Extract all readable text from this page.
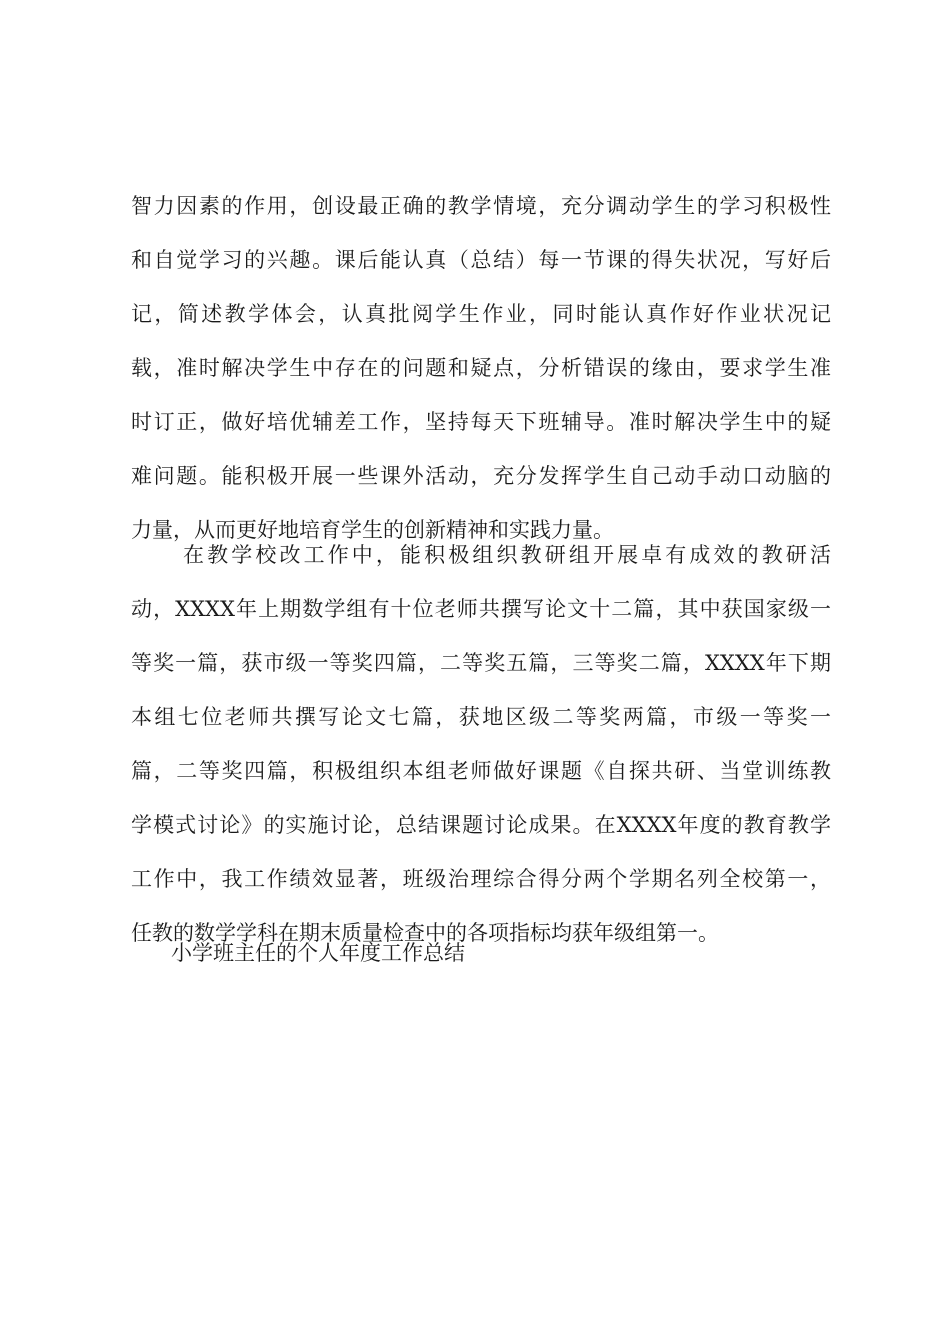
智力因素的作用，创设最正确的教学情境，充分调动学生的学习积极性
和自觉学习的兴趣。课后能认真（总结）每一节课的得失状况，写好后
记，简述教学体会，认真批阅学生作业，同时能认真作好作业状况记
载，准时解决学生中存在的问题和疑点，分析错误的缘由，要求学生准
时订正，做好培优辅差工作，坚持每天下班辅导。准时解决学生中的疑
难问题。能积极开展一些课外活动，充分发挥学生自己动手动口动脑的
力量，从而更好地培育学生的创新精神和实践力量。
在教学校改工作中，能积极组织教研组开展卓有成效的教研活
动，XXXX年上期数学组有十位老师共撰写论文十二篇，其中获国家级一
等奖一篇，获市级一等奖四篇，二等奖五篇，三等奖二篇，XXXX年下期
本组七位老师共撰写论文七篇，获地区级二等奖两篇，市级一等奖一
篇，二等奖四篇，积极组织本组老师做好课题《自探共研、当堂训练教
学模式讨论》的实施讨论，总结课题讨论成果。在XXXX年度的教育教学
工作中，我工作绩效显著，班级治理综合得分两个学期名列全校第一，
任教的数学学科在期末质量检查中的各项指标均获年级组第一。
小学班主任的个人年度工作总结
